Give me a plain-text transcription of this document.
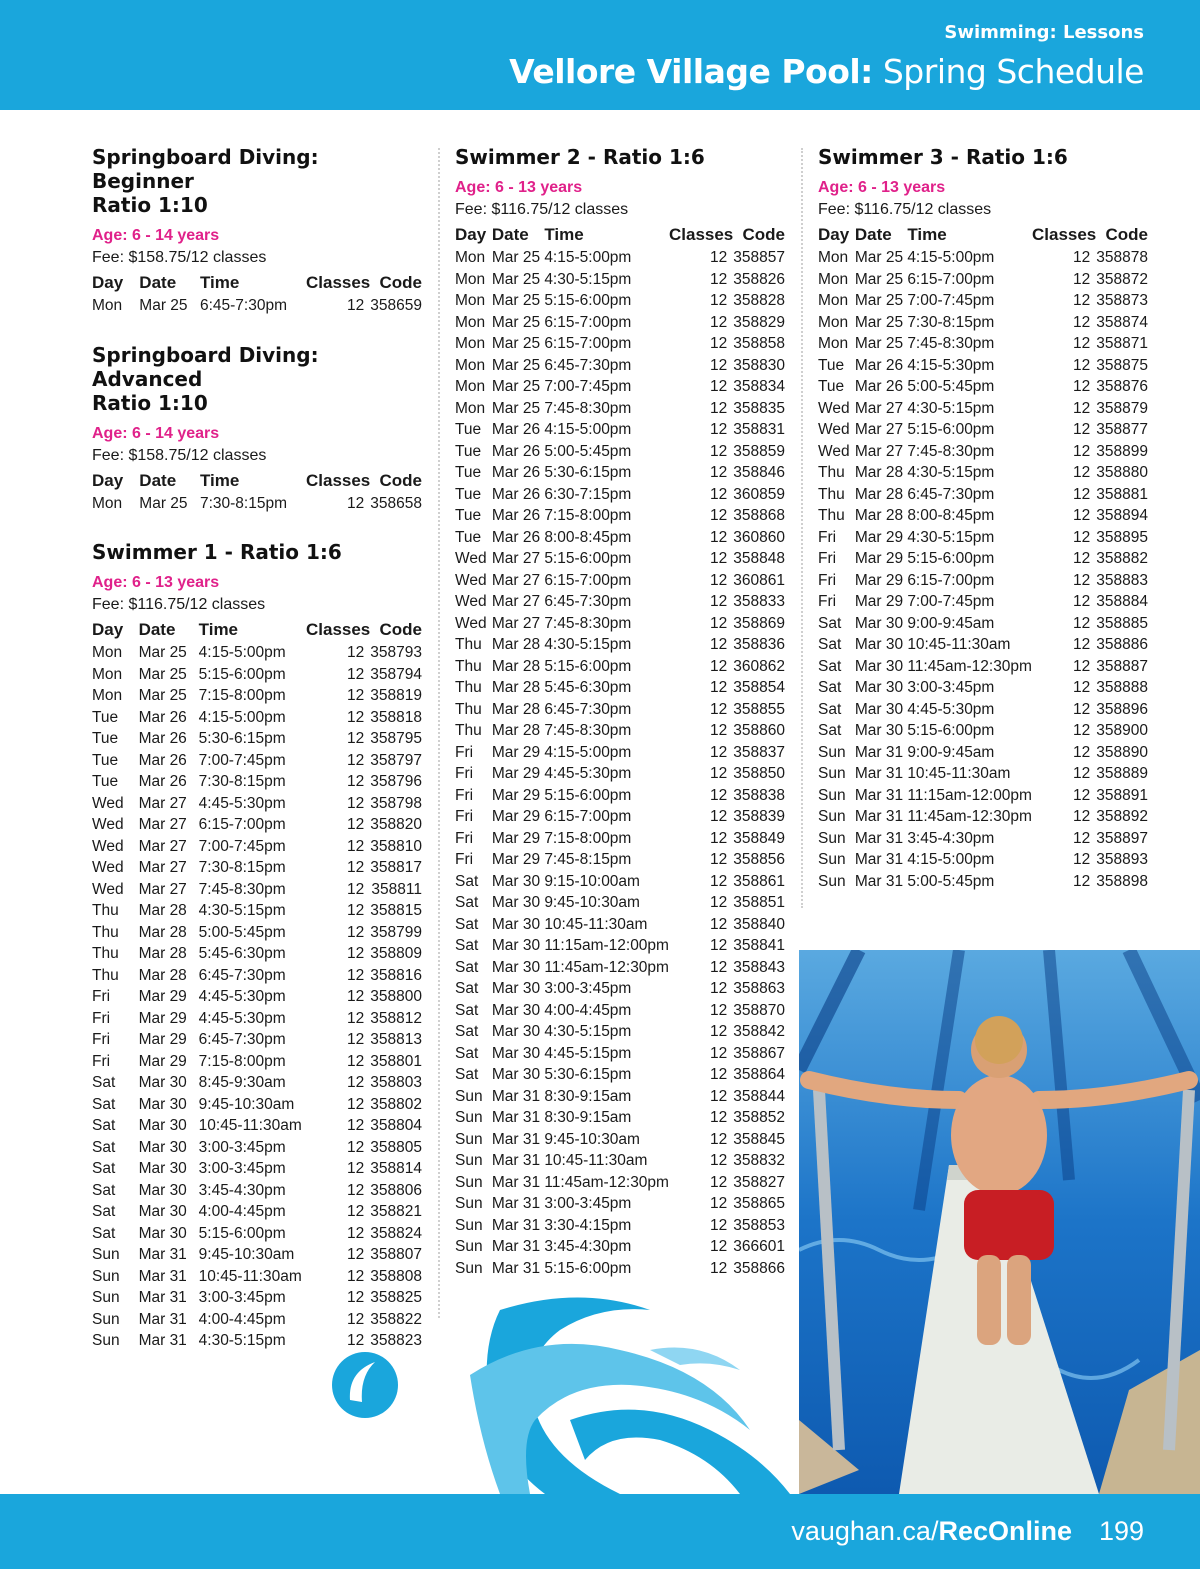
Swimming: Lessons
Vellore Village Pool: Spring Schedule
Springboard Diving: Beginner
Ratio 1:10
Age: 6 - 14 years
Fee: $158.75/12 classes
Day	Date	Time	Classes	Code
Mon	Mar 25	6:45-7:30pm	12	358659
Springboard Diving: Advanced
Ratio 1:10
Age: 6 - 14 years
Fee: $158.75/12 classes
Day	Date	Time	Classes	Code
Mon	Mar 25	7:30-8:15pm	12	358658
Swimmer 1 - Ratio 1:6
Age: 6 - 13 years
Fee: $116.75/12 classes
Day	Date	Time	Classes	Code
Mon	Mar 25	4:15-5:00pm	12	358793
Mon	Mar 25	5:15-6:00pm	12	358794
Mon	Mar 25	7:15-8:00pm	12	358819
Tue	Mar 26	4:15-5:00pm	12	358818
Tue	Mar 26	5:30-6:15pm	12	358795
Tue	Mar 26	7:00-7:45pm	12	358797
Tue	Mar 26	7:30-8:15pm	12	358796
Wed	Mar 27	4:45-5:30pm	12	358798
Wed	Mar 27	6:15-7:00pm	12	358820
Wed	Mar 27	7:00-7:45pm	12	358810
Wed	Mar 27	7:30-8:15pm	12	358817
Wed	Mar 27	7:45-8:30pm	12	358811
Thu	Mar 28	4:30-5:15pm	12	358815
Thu	Mar 28	5:00-5:45pm	12	358799
Thu	Mar 28	5:45-6:30pm	12	358809
Thu	Mar 28	6:45-7:30pm	12	358816
Fri	Mar 29	4:45-5:30pm	12	358800
Fri	Mar 29	4:45-5:30pm	12	358812
Fri	Mar 29	6:45-7:30pm	12	358813
Fri	Mar 29	7:15-8:00pm	12	358801
Sat	Mar 30	8:45-9:30am	12	358803
Sat	Mar 30	9:45-10:30am	12	358802
Sat	Mar 30	10:45-11:30am	12	358804
Sat	Mar 30	3:00-3:45pm	12	358805
Sat	Mar 30	3:00-3:45pm	12	358814
Sat	Mar 30	3:45-4:30pm	12	358806
Sat	Mar 30	4:00-4:45pm	12	358821
Sat	Mar 30	5:15-6:00pm	12	358824
Sun	Mar 31	9:45-10:30am	12	358807
Sun	Mar 31	10:45-11:30am	12	358808
Sun	Mar 31	3:00-3:45pm	12	358825
Sun	Mar 31	4:00-4:45pm	12	358822
Sun	Mar 31	4:30-5:15pm	12	358823
Swimmer 2 - Ratio 1:6
Age: 6 - 13 years
Fee: $116.75/12 classes
Day	Date	Time	Classes	Code
Mon	Mar 25	4:15-5:00pm	12	358857
Mon	Mar 25	4:30-5:15pm	12	358826
Mon	Mar 25	5:15-6:00pm	12	358828
Mon	Mar 25	6:15-7:00pm	12	358829
Mon	Mar 25	6:15-7:00pm	12	358858
Mon	Mar 25	6:45-7:30pm	12	358830
Mon	Mar 25	7:00-7:45pm	12	358834
Mon	Mar 25	7:45-8:30pm	12	358835
Tue	Mar 26	4:15-5:00pm	12	358831
Tue	Mar 26	5:00-5:45pm	12	358859
Tue	Mar 26	5:30-6:15pm	12	358846
Tue	Mar 26	6:30-7:15pm	12	360859
Tue	Mar 26	7:15-8:00pm	12	358868
Tue	Mar 26	8:00-8:45pm	12	360860
Wed	Mar 27	5:15-6:00pm	12	358848
Wed	Mar 27	6:15-7:00pm	12	360861
Wed	Mar 27	6:45-7:30pm	12	358833
Wed	Mar 27	7:45-8:30pm	12	358869
Thu	Mar 28	4:30-5:15pm	12	358836
Thu	Mar 28	5:15-6:00pm	12	360862
Thu	Mar 28	5:45-6:30pm	12	358854
Thu	Mar 28	6:45-7:30pm	12	358855
Thu	Mar 28	7:45-8:30pm	12	358860
Fri	Mar 29	4:15-5:00pm	12	358837
Fri	Mar 29	4:45-5:30pm	12	358850
Fri	Mar 29	5:15-6:00pm	12	358838
Fri	Mar 29	6:15-7:00pm	12	358839
Fri	Mar 29	7:15-8:00pm	12	358849
Fri	Mar 29	7:45-8:15pm	12	358856
Sat	Mar 30	9:15-10:00am	12	358861
Sat	Mar 30	9:45-10:30am	12	358851
Sat	Mar 30	10:45-11:30am	12	358840
Sat	Mar 30	11:15am-12:00pm	12	358841
Sat	Mar 30	11:45am-12:30pm	12	358843
Sat	Mar 30	3:00-3:45pm	12	358863
Sat	Mar 30	4:00-4:45pm	12	358870
Sat	Mar 30	4:30-5:15pm	12	358842
Sat	Mar 30	4:45-5:15pm	12	358867
Sat	Mar 30	5:30-6:15pm	12	358864
Sun	Mar 31	8:30-9:15am	12	358844
Sun	Mar 31	8:30-9:15am	12	358852
Sun	Mar 31	9:45-10:30am	12	358845
Sun	Mar 31	10:45-11:30am	12	358832
Sun	Mar 31	11:45am-12:30pm	12	358827
Sun	Mar 31	3:00-3:45pm	12	358865
Sun	Mar 31	3:30-4:15pm	12	358853
Sun	Mar 31	3:45-4:30pm	12	366601
Sun	Mar 31	5:15-6:00pm	12	358866
Swimmer 3 - Ratio 1:6
Age: 6 - 13 years
Fee: $116.75/12 classes
Day	Date	Time	Classes	Code
Mon	Mar 25	4:15-5:00pm	12	358878
Mon	Mar 25	6:15-7:00pm	12	358872
Mon	Mar 25	7:00-7:45pm	12	358873
Mon	Mar 25	7:30-8:15pm	12	358874
Mon	Mar 25	7:45-8:30pm	12	358871
Tue	Mar 26	4:15-5:30pm	12	358875
Tue	Mar 26	5:00-5:45pm	12	358876
Wed	Mar 27	4:30-5:15pm	12	358879
Wed	Mar 27	5:15-6:00pm	12	358877
Wed	Mar 27	7:45-8:30pm	12	358899
Thu	Mar 28	4:30-5:15pm	12	358880
Thu	Mar 28	6:45-7:30pm	12	358881
Thu	Mar 28	8:00-8:45pm	12	358894
Fri	Mar 29	4:30-5:15pm	12	358895
Fri	Mar 29	5:15-6:00pm	12	358882
Fri	Mar 29	6:15-7:00pm	12	358883
Fri	Mar 29	7:00-7:45pm	12	358884
Sat	Mar 30	9:00-9:45am	12	358885
Sat	Mar 30	10:45-11:30am	12	358886
Sat	Mar 30	11:45am-12:30pm	12	358887
Sat	Mar 30	3:00-3:45pm	12	358888
Sat	Mar 30	4:45-5:30pm	12	358896
Sat	Mar 30	5:15-6:00pm	12	358900
Sun	Mar 31	9:00-9:45am	12	358890
Sun	Mar 31	10:45-11:30am	12	358889
Sun	Mar 31	11:15am-12:00pm	12	358891
Sun	Mar 31	11:45am-12:30pm	12	358892
Sun	Mar 31	3:45-4:30pm	12	358897
Sun	Mar 31	4:15-5:00pm	12	358893
Sun	Mar 31	5:00-5:45pm	12	358898
vaughan.ca/RecOnline 199
